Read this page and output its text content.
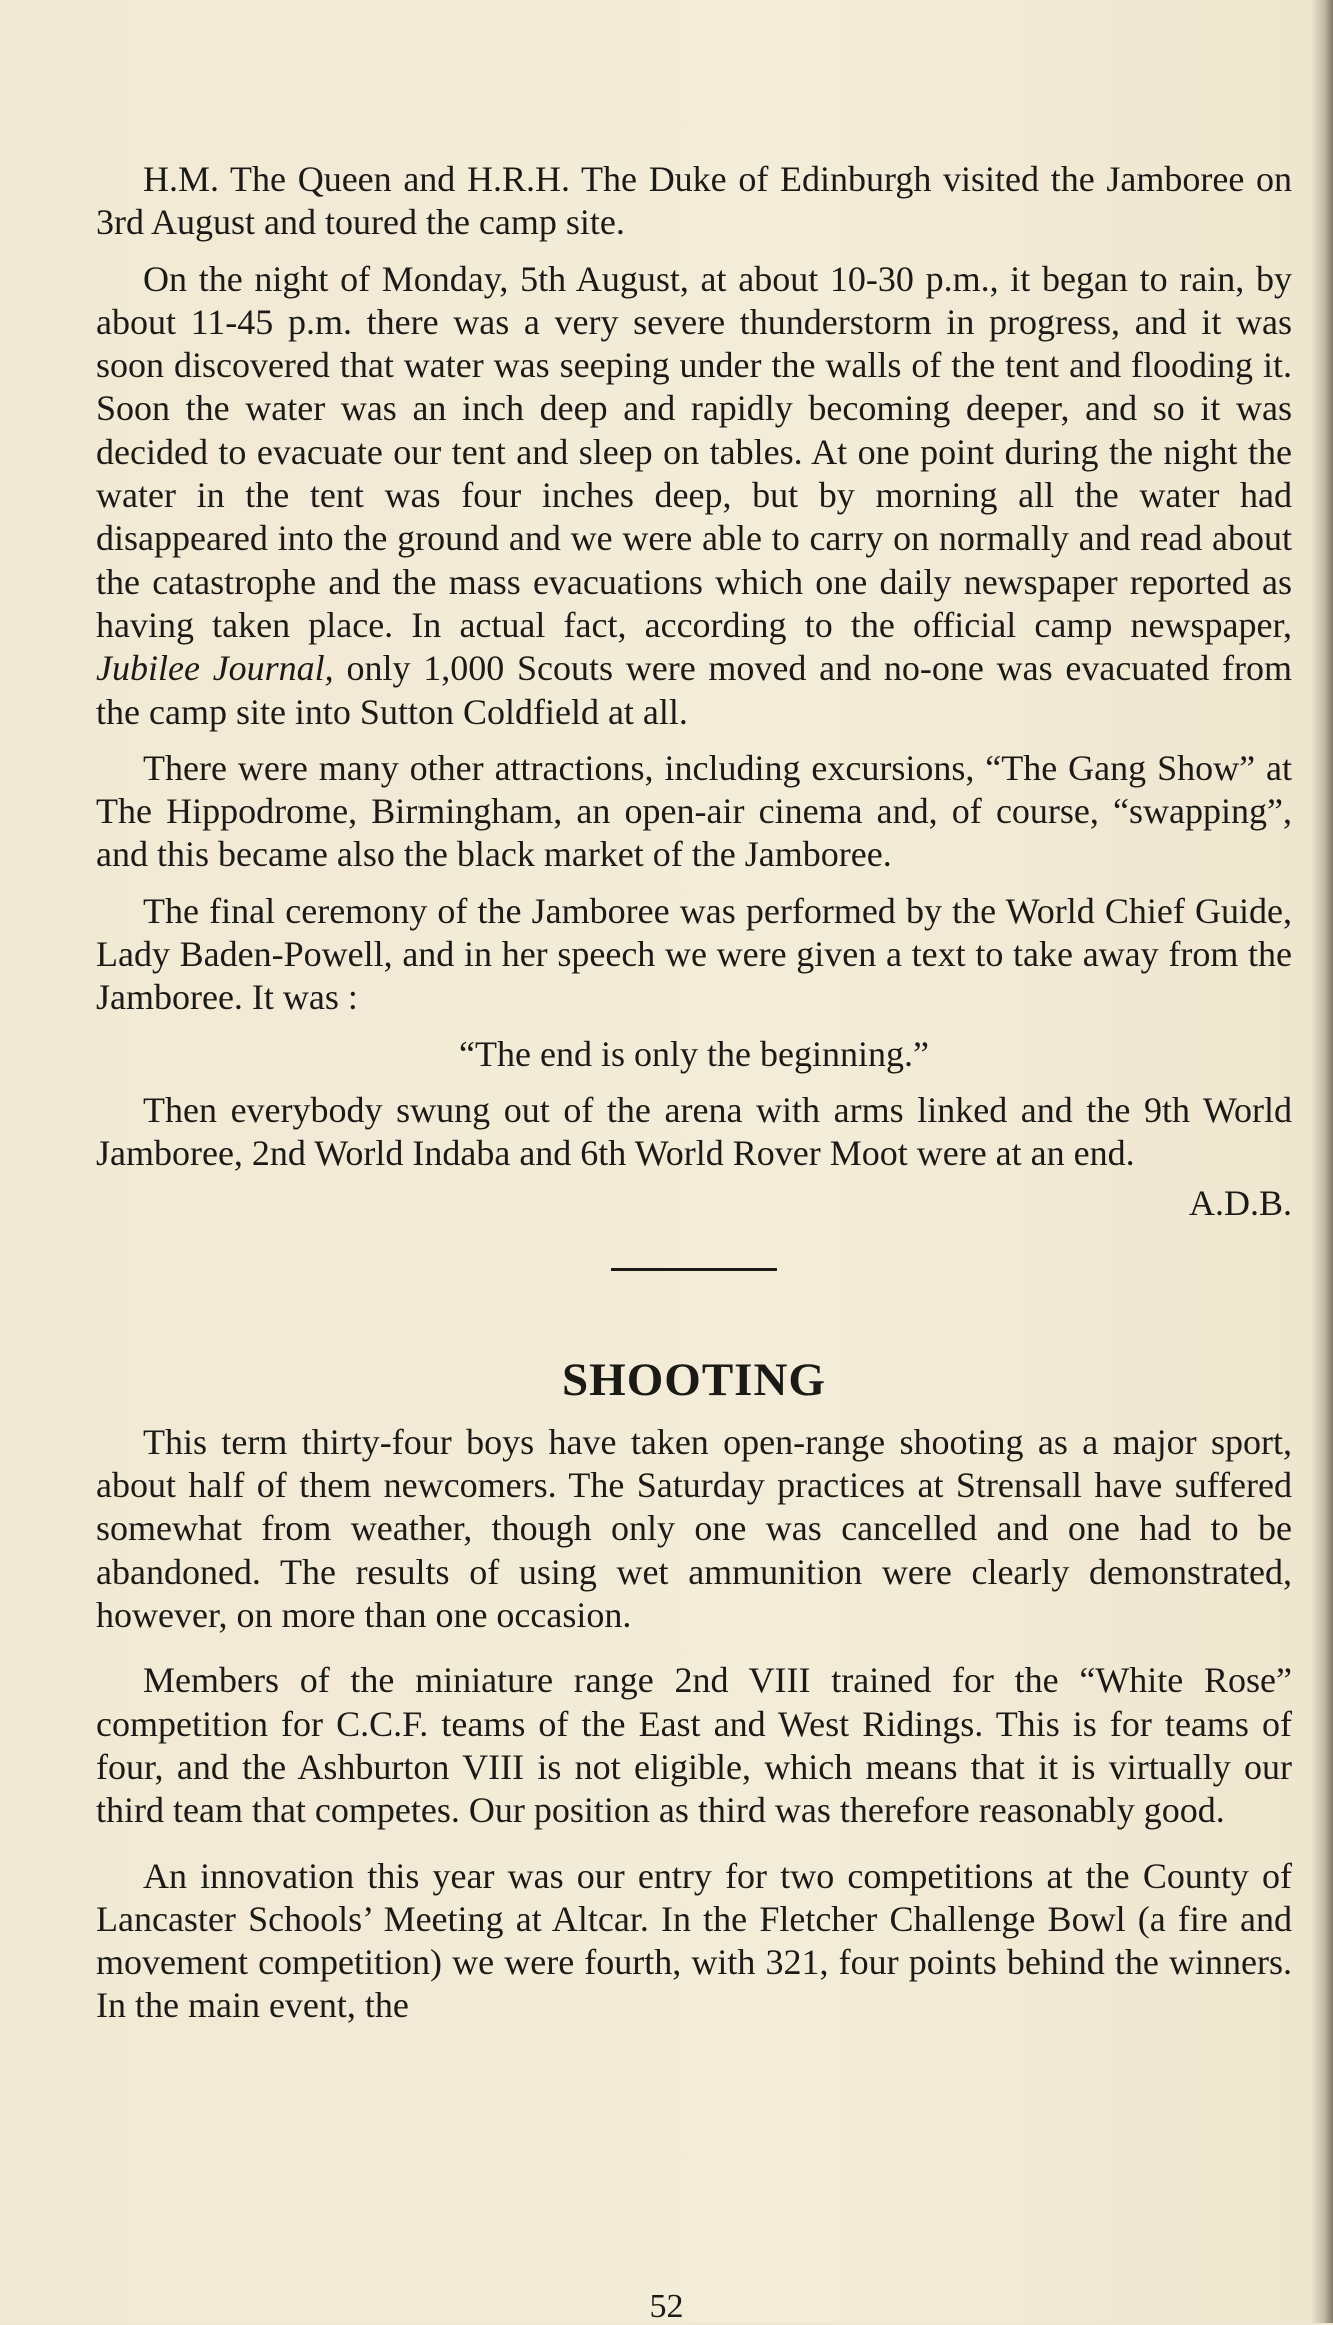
H.M. The Queen and H.R.H. The Duke of Edinburgh visited the Jamboree on 3rd August and toured the camp site.

On the night of Monday, 5th August, at about 10-30 p.m., it began to rain, by about 11-45 p.m. there was a very severe thunderstorm in progress, and it was soon discovered that water was seeping under the walls of the tent and flooding it. Soon the water was an inch deep and rapidly becoming deeper, and so it was decided to evacuate our tent and sleep on tables. At one point during the night the water in the tent was four inches deep, but by morning all the water had disappeared into the ground and we were able to carry on normally and read about the catastrophe and the mass evacuations which one daily newspaper reported as having taken place. In actual fact, according to the official camp newspaper, Jubilee Journal, only 1,000 Scouts were moved and no-one was evacuated from the camp site into Sutton Coldfield at all.

There were many other attractions, including excursions, “The Gang Show” at The Hippodrome, Birmingham, an open-air cinema and, of course, “swapping”, and this became also the black market of the Jamboree.

The final ceremony of the Jamboree was performed by the World Chief Guide, Lady Baden-Powell, and in her speech we were given a text to take away from the Jamboree. It was :

“The end is only the beginning.”

Then everybody swung out of the arena with arms linked and the 9th World Jamboree, 2nd World Indaba and 6th World Rover Moot were at an end.

A.D.B.

SHOOTING

This term thirty-four boys have taken open-range shooting as a major sport, about half of them newcomers. The Saturday practices at Strensall have suffered somewhat from weather, though only one was cancelled and one had to be abandoned. The results of using wet ammunition were clearly demonstrated, however, on more than one occasion.

Members of the miniature range 2nd VIII trained for the “White Rose” competition for C.C.F. teams of the East and West Ridings. This is for teams of four, and the Ashburton VIII is not eligible, which means that it is virtually our third team that competes. Our position as third was therefore reasonably good.

An innovation this year was our entry for two competitions at the County of Lancaster Schools’ Meeting at Altcar. In the Fletcher Challenge Bowl (a fire and movement competition) we were fourth, with 321, four points behind the winners. In the main event, the

52
